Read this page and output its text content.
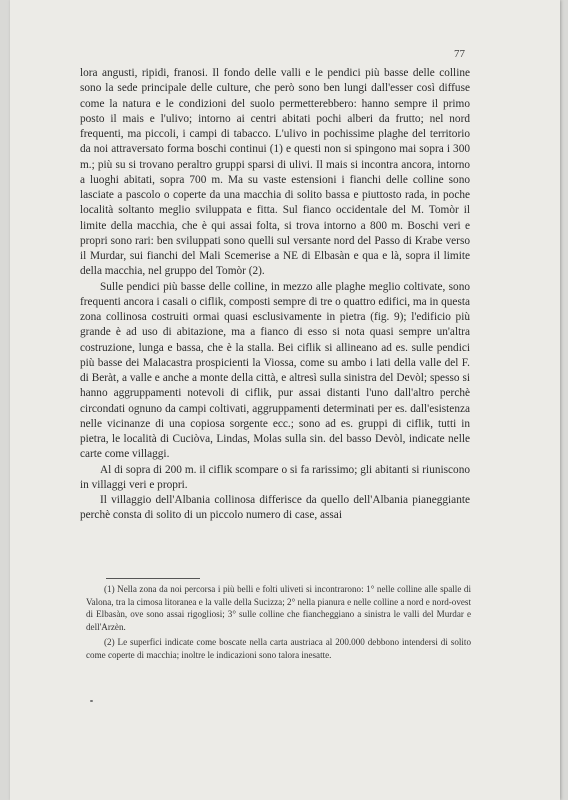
77

lora angusti, ripidi, franosi. Il fondo delle valli e le pendici più basse delle colline sono la sede principale delle culture, che però sono ben lungi dall'esser così diffuse come la natura e le condizioni del suolo permetterebbero: hanno sempre il primo posto il mais e l'ulivo; intorno ai centri abitati pochi alberi da frutto; nel nord frequenti, ma piccoli, i campi di tabacco. L'ulivo in pochissime plaghe del territorio da noi attraversato forma boschi continui (1) e questi non si spingono mai sopra i 300 m.; più su si trovano peraltro gruppi sparsi di ulivi. Il mais si incontra ancora, intorno a luoghi abitati, sopra 700 m. Ma su vaste estensioni i fianchi delle colline sono lasciate a pascolo o coperte da una macchia di solito bassa e piuttosto rada, in poche località soltanto meglio sviluppata e fitta. Sul fianco occidentale del M. Tomòr il limite della macchia, che è qui assai folta, si trova intorno a 800 m. Boschi veri e propri sono rari: ben sviluppati sono quelli sul versante nord del Passo di Krabe verso il Murdar, sui fianchi del Mali Scemerise a NE di Elbasàn e qua e là, sopra il limite della macchia, nel gruppo del Tomòr (2).

Sulle pendici più basse delle colline, in mezzo alle plaghe meglio coltivate, sono frequenti ancora i casali o ciflik, composti sempre di tre o quattro edifici, ma in questa zona collinosa costruiti ormai quasi esclusivamente in pietra (fig. 9); l'edificio più grande è ad uso di abitazione, ma a fianco di esso si nota quasi sempre un'altra costruzione, lunga e bassa, che è la stalla. Bei ciflik si allineano ad es. sulle pendici più basse dei Malacastra prospicienti la Viossa, come su ambo i lati della valle del F. di Beràt, a valle e anche a monte della città, e altresì sulla sinistra del Devòl; spesso si hanno aggruppamenti notevoli di ciflik, pur assai distanti l'uno dall'altro perchè circondati ognuno da campi coltivati, aggruppamenti determinati per es. dall'esistenza nelle vicinanze di una copiosa sorgente ecc.; sono ad es. gruppi di ciflik, tutti in pietra, le località di Cuciòva, Lindas, Molas sulla sin. del basso Devòl, indicate nelle carte come villaggi.

Al di sopra di 200 m. il ciflik scompare o si fa rarissimo; gli abitanti si riuniscono in villaggi veri e propri.

Il villaggio dell'Albania collinosa differisce da quello dell'Albania pianeggiante perchè consta di solito di un piccolo numero di case, assai

(1) Nella zona da noi percorsa i più belli e folti uliveti si incontrarono: 1° nelle colline alle spalle di Valona, tra la cimosa litoranea e la valle della Sucizza; 2° nella pianura e nelle colline a nord e nord-ovest di Elbasàn, ove sono assai rigogliosi; 3° sulle colline che fiancheggiano a sinistra le valli del Murdar e dell'Arzèn.

(2) Le superfici indicate come boscate nella carta austriaca al 200.000 debbono intendersi di solito come coperte di macchia; inoltre le indicazioni sono talora inesatte.
